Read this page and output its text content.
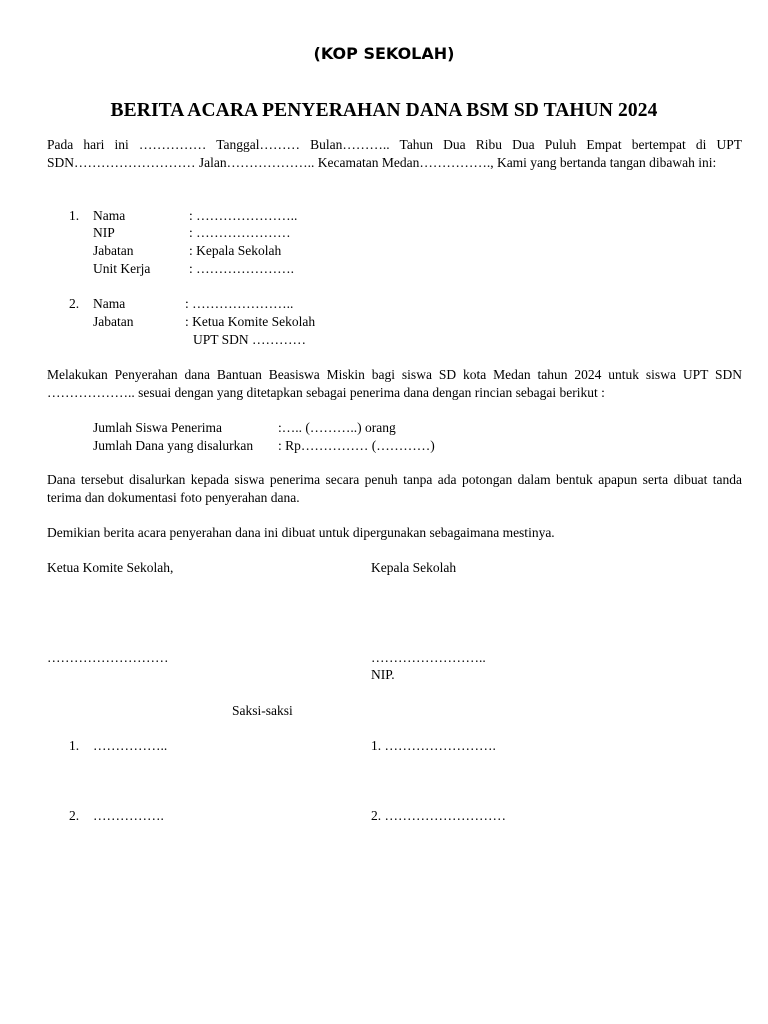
(KOP SEKOLAH)
BERITA ACARA PENYERAHAN DANA BSM SD TAHUN 2024
Pada hari ini …………… Tanggal……… Bulan……….. Tahun Dua Ribu Dua Puluh Empat bertempat di UPT SDN……………………… Jalan……………….. Kecamatan Medan……………., Kami yang bertanda tangan dibawah ini:
1. Nama	: …………………..
NIP	: …………………
Jabatan	: Kepala Sekolah
Unit Kerja	: ………………….
2. Nama	: …………………..
Jabatan	: Ketua Komite Sekolah
UPT SDN …………
Melakukan Penyerahan dana Bantuan Beasiswa Miskin bagi siswa SD kota Medan tahun 2024 untuk siswa UPT SDN ……………….. sesuai dengan yang ditetapkan sebagai penerima dana dengan rincian sebagai berikut :
Jumlah Siswa Penerima	:….. (………..) orang
Jumlah Dana yang disalurkan : Rp…………… (…………)
Dana tersebut disalurkan kepada siswa penerima secara penuh tanpa ada potongan dalam bentuk apapun serta dibuat tanda terima dan dokumentasi foto penyerahan dana.
Demikian berita acara penyerahan dana ini dibuat untuk dipergunakan sebagaimana mestinya.
Ketua Komite Sekolah,	Kepala Sekolah
………………………	……………………..
NIP.
Saksi-saksi
1. ……………..	1. …………………….
2. …………….	2. ………………………
